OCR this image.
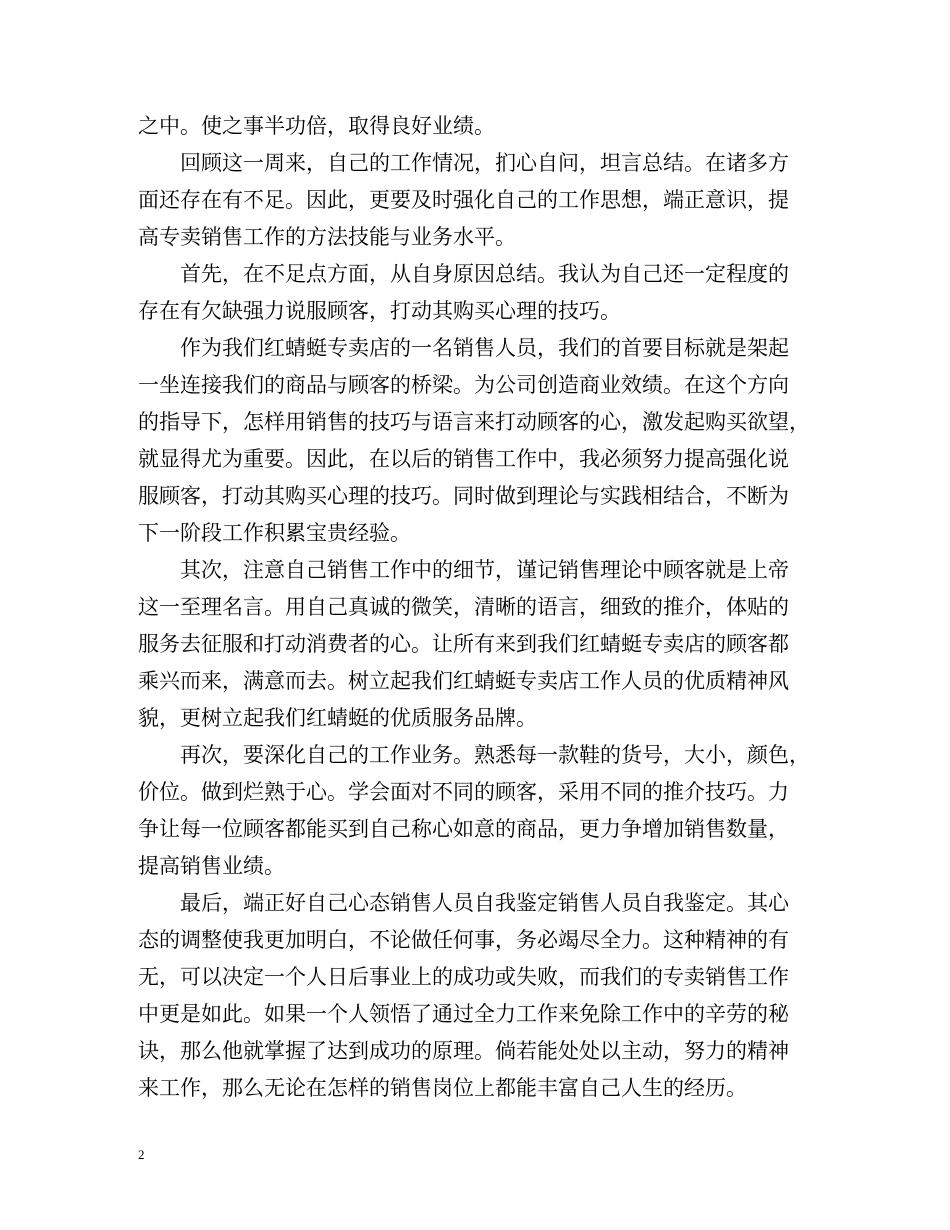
之中。使之事半功倍，取得良好业绩。
　　回顾这一周来，自己的工作情况，扪心自问，坦言总结。在诸多方
面还存在有不足。因此，更要及时强化自己的工作思想，端正意识，提
高专卖销售工作的方法技能与业务水平。
　　首先，在不足点方面，从自身原因总结。我认为自己还一定程度的
存在有欠缺强力说服顾客，打动其购买心理的技巧。
　　作为我们红蜻蜓专卖店的一名销售人员，我们的首要目标就是架起
一坐连接我们的商品与顾客的桥梁。为公司创造商业效绩。在这个方向
的指导下，怎样用销售的技巧与语言来打动顾客的心，激发起购买欲望，
就显得尤为重要。因此，在以后的销售工作中，我必须努力提高强化说
服顾客，打动其购买心理的技巧。同时做到理论与实践相结合，不断为
下一阶段工作积累宝贵经验。
　　其次，注意自己销售工作中的细节，谨记销售理论中顾客就是上帝
这一至理名言。用自己真诚的微笑，清晰的语言，细致的推介，体贴的
服务去征服和打动消费者的心。让所有来到我们红蜻蜓专卖店的顾客都
乘兴而来，满意而去。树立起我们红蜻蜓专卖店工作人员的优质精神风
貌，更树立起我们红蜻蜓的优质服务品牌。
　　再次，要深化自己的工作业务。熟悉每一款鞋的货号，大小，颜色，
价位。做到烂熟于心。学会面对不同的顾客，采用不同的推介技巧。力
争让每一位顾客都能买到自己称心如意的商品，更力争增加销售数量，
提高销售业绩。
　　最后，端正好自己心态销售人员自我鉴定销售人员自我鉴定。其心
态的调整使我更加明白，不论做任何事，务必竭尽全力。这种精神的有
无，可以决定一个人日后事业上的成功或失败，而我们的专卖销售工作
中更是如此。如果一个人领悟了通过全力工作来免除工作中的辛劳的秘
诀，那么他就掌握了达到成功的原理。倘若能处处以主动，努力的精神
来工作，那么无论在怎样的销售岗位上都能丰富自己人生的经历。
2
